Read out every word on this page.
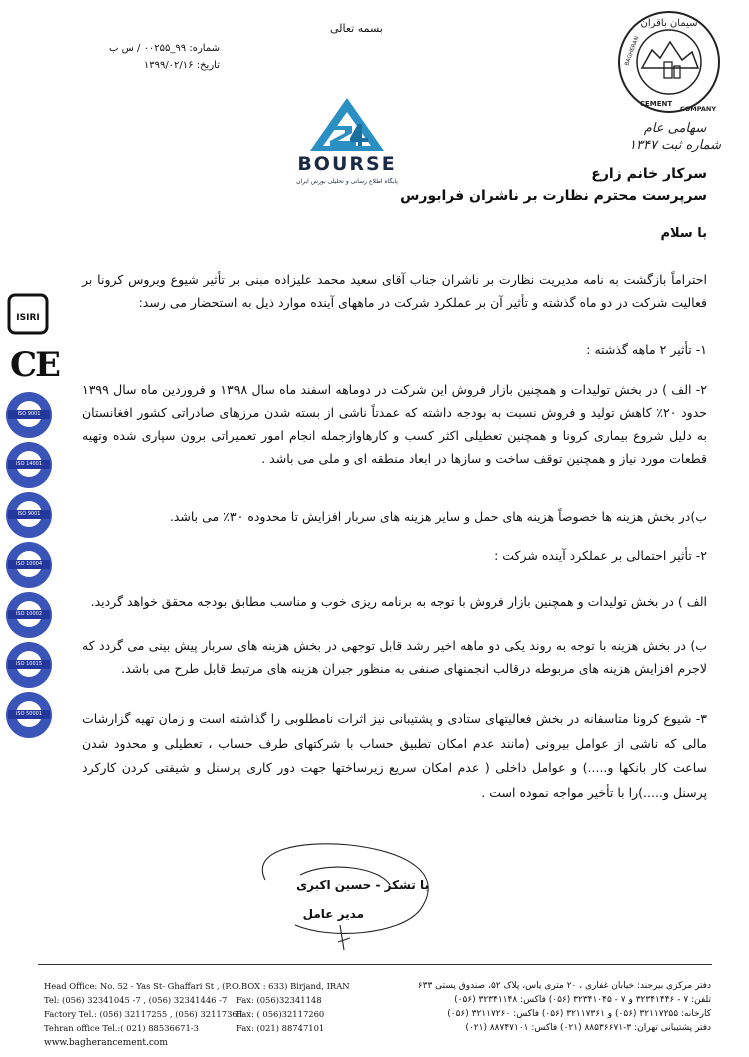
بسمه تعالی
شماره: ۹۹_۰۰۲۵۵ / س ب
تاریخ: ۱۳۹۹/۰۲/۱۶
BOURSE
پایگاه اطلاع رسانی و تحلیلی بورس ایران
سیمان باقران
BAGHERAN
CEMENT
COMPANY
سهامی عام
شماره ثبت ۱۳۴۷
سرکار خانم زارع
سرپرست محترم نظارت بر ناشران فرابورس
با سلام
احتراماً بازگشت به نامه مدیریت نظارت بر ناشران جناب آقای سعید محمد علیزاده مبنی بر تأثیر شیوع ویروس کرونا بر فعالیت شرکت در دو ماه گذشته و تأثیر آن بر عملکرد شرکت در ماههای آینده موارد ذیل به استحضار می رسد:
۱- تأثیر ۲ ماهه گذشته :
۲- الف ) در بخش تولیدات و همچنین بازار فروش این شرکت در دوماهه اسفند ماه سال ۱۳۹۸ و فروردین ماه سال ۱۳۹۹ حدود ۲۰٪ کاهش تولید و فروش نسبت به بودجه داشته که عمدتاً ناشی از بسته شدن مرزهای صادراتی کشور افغانستان به دلیل شروع بیماری کرونا و همچنین تعطیلی اکثر کسب و کارهاوازجمله انجام امور تعمیراتی برون سپاری شده وتهیه قطعات مورد نیاز و همچنین توقف ساخت و سازها در ابعاد منطقه ای و ملی می باشد .
ب)در بخش هزینه ها خصوصاً هزینه های حمل و سایر هزینه های سربار افزایش تا محدوده ۳۰٪ می باشد.
۲- تأثیر احتمالی بر عملکرد آینده شرکت :
الف ) در بخش تولیدات و همچنین بازار فروش با توجه به برنامه ریزی خوب و مناسب مطابق بودجه محقق خواهد گردید.
ب) در بخش هزینه با توجه به روند یکی دو ماهه اخیر رشد قابل توجهی در بخش هزینه های سربار پیش بینی می گردد که لاجرم افزایش هزینه های مربوطه درقالب انجمنهای صنفی به منظور جبران هزینه های مرتبط قابل طرح می باشد.
۳- شیوع کرونا متاسفانه در بخش فعالیتهای ستادی و پشتیبانی نیز اثرات نامطلوبی را گذاشته است و زمان تهیه گزارشات مالی که ناشی از عوامل بیرونی (مانند عدم امکان تطبیق حساب با شرکتهای طرف حساب ، تعطیلی و محدود شدن ساعت کار بانکها و.....) و عوامل داخلی ( عدم امکان سریع زیرساختها جهت دور کاری پرسنل و شیفتی کردن کارکرد پرسنل و.....)را با تأخیر مواجه نموده است .
ISIRI
CE
ISO 9001
ISO 14001
ISO 9001
ISO 10004
ISO 10002
ISO 10015
ISO 50001
با تشکر - حسین اکبری
مدیر عامل
Head Office: No. 52 - Yas St- Ghaffari St , (P.O.BOX : 633) Birjand, IRAN
Tel: (056) 32341045 -7 , (056) 32341446 -7 Fax: (056)32341148
Factory Tel.: (056) 32117255 , (056) 32117361
Fax: ( 056)32117260
Tehran office Tel.:( 021) 88536671-3	Fax: (021) 88747101
www.bagherancement.com
دفتر مرکزی بیرجند: خیابان غفاری ، ۲۰ متری یاس، پلاک ۵۲، صندوق پستی ۶۳۳
تلفن: ۷ - ۳۲۳۴۱۴۴۶ و ۷ - ۳۲۳۴۱۰۴۵ (۰۵۶) فاکس: ۳۲۳۴۱۱۴۸ (۰۵۶)
کارخانه: ۳۲۱۱۷۲۵۵ (۰۵۶) و ۳۲۱۱۷۳۶۱ (۰۵۶) فاکس: ۳۲۱۱۷۲۶۰ (۰۵۶)
دفتر پشتیبانی تهران: ۳-۸۸۵۳۶۶۷۱ (۰۲۱) فاکس: ۸۸۷۴۷۱۰۱ (۰۲۱)
